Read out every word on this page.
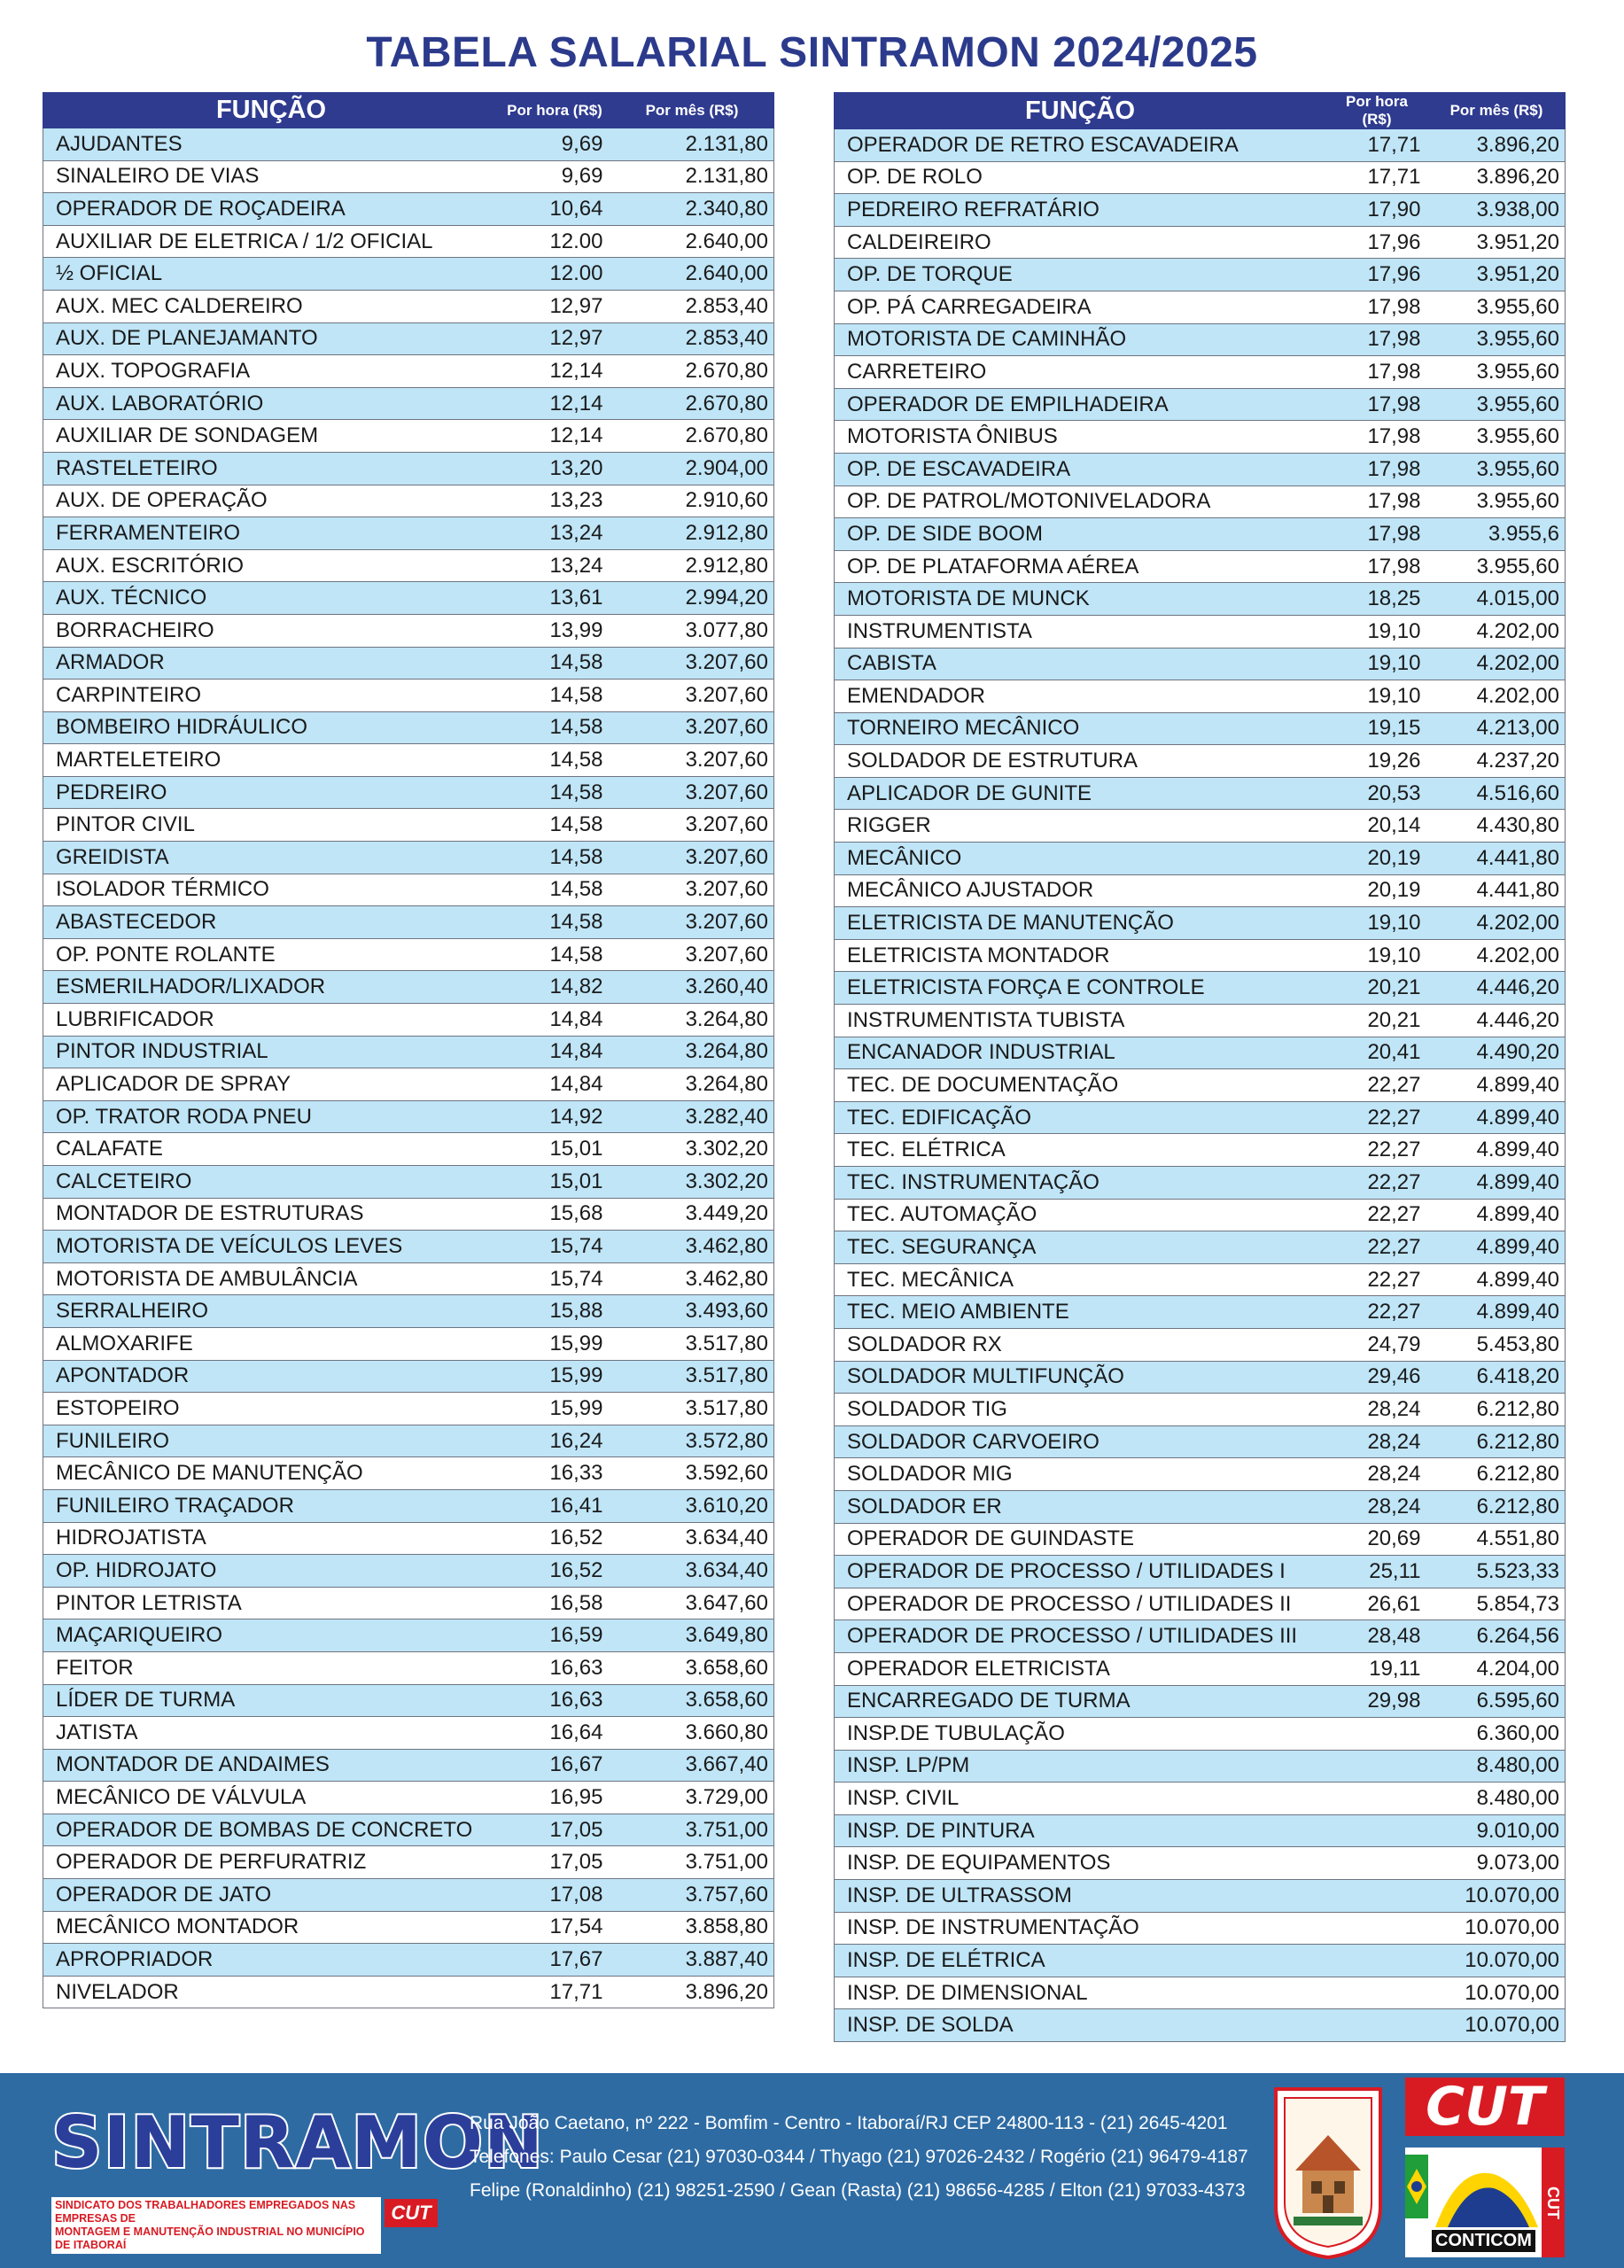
TABELA SALARIAL SINTRAMON 2024/2025
FUNÇÃO	Por hora (R$)	Por mês (R$)
AJUDANTES	9,69	2.131,80
SINALEIRO DE VIAS	9,69	2.131,80
OPERADOR DE ROÇADEIRA	10,64	2.340,80
AUXILIAR DE ELETRICA / 1/2 OFICIAL	12.00	2.640,00
½ OFICIAL	12.00	2.640,00
AUX. MEC CALDEREIRO	12,97	2.853,40
AUX. DE PLANEJAMANTO	12,97	2.853,40
AUX. TOPOGRAFIA	12,14	2.670,80
AUX. LABORATÓRIO	12,14	2.670,80
AUXILIAR DE SONDAGEM	12,14	2.670,80
RASTELETEIRO	13,20	2.904,00
AUX. DE OPERAÇÃO	13,23	2.910,60
FERRAMENTEIRO	13,24	2.912,80
AUX. ESCRITÓRIO	13,24	2.912,80
AUX. TÉCNICO	13,61	2.994,20
BORRACHEIRO	13,99	3.077,80
ARMADOR	14,58	3.207,60
CARPINTEIRO	14,58	3.207,60
BOMBEIRO HIDRÁULICO	14,58	3.207,60
MARTELETEIRO	14,58	3.207,60
PEDREIRO	14,58	3.207,60
PINTOR CIVIL	14,58	3.207,60
GREIDISTA	14,58	3.207,60
ISOLADOR TÉRMICO	14,58	3.207,60
ABASTECEDOR	14,58	3.207,60
OP. PONTE ROLANTE	14,58	3.207,60
ESMERILHADOR/LIXADOR	14,82	3.260,40
LUBRIFICADOR	14,84	3.264,80
PINTOR INDUSTRIAL	14,84	3.264,80
APLICADOR DE SPRAY	14,84	3.264,80
OP. TRATOR RODA PNEU	14,92	3.282,40
CALAFATE	15,01	3.302,20
CALCETEIRO	15,01	3.302,20
MONTADOR DE ESTRUTURAS	15,68	3.449,20
MOTORISTA DE VEÍCULOS LEVES	15,74	3.462,80
MOTORISTA DE AMBULÂNCIA	15,74	3.462,80
SERRALHEIRO	15,88	3.493,60
ALMOXARIFE	15,99	3.517,80
APONTADOR	15,99	3.517,80
ESTOPEIRO	15,99	3.517,80
FUNILEIRO	16,24	3.572,80
MECÂNICO DE MANUTENÇÃO	16,33	3.592,60
FUNILEIRO TRAÇADOR	16,41	3.610,20
HIDROJATISTA	16,52	3.634,40
OP. HIDROJATO	16,52	3.634,40
PINTOR LETRISTA	16,58	3.647,60
MAÇARIQUEIRO	16,59	3.649,80
FEITOR	16,63	3.658,60
LÍDER DE TURMA	16,63	3.658,60
JATISTA	16,64	3.660,80
MONTADOR DE ANDAIMES	16,67	3.667,40
MECÂNICO DE VÁLVULA	16,95	3.729,00
OPERADOR DE BOMBAS DE CONCRETO	17,05	3.751,00
OPERADOR DE PERFURATRIZ	17,05	3.751,00
OPERADOR DE JATO	17,08	3.757,60
MECÂNICO MONTADOR	17,54	3.858,80
APROPRIADOR	17,67	3.887,40
NIVELADOR	17,71	3.896,20
FUNÇÃO	Por hora (R$)	Por mês (R$)
OPERADOR DE RETRO ESCAVADEIRA	17,71	3.896,20
OP. DE ROLO	17,71	3.896,20
PEDREIRO REFRATÁRIO	17,90	3.938,00
CALDEIREIRO	17,96	3.951,20
OP. DE TORQUE	17,96	3.951,20
OP. PÁ CARREGADEIRA	17,98	3.955,60
MOTORISTA DE CAMINHÃO	17,98	3.955,60
CARRETEIRO	17,98	3.955,60
OPERADOR DE EMPILHADEIRA	17,98	3.955,60
MOTORISTA ÔNIBUS	17,98	3.955,60
OP. DE ESCAVADEIRA	17,98	3.955,60
OP. DE PATROL/MOTONIVELADORA	17,98	3.955,60
OP. DE SIDE BOOM	17,98	3.955,6
OP. DE PLATAFORMA AÉREA	17,98	3.955,60
MOTORISTA DE MUNCK	18,25	4.015,00
INSTRUMENTISTA	19,10	4.202,00
CABISTA	19,10	4.202,00
EMENDADOR	19,10	4.202,00
TORNEIRO MECÂNICO	19,15	4.213,00
SOLDADOR DE ESTRUTURA	19,26	4.237,20
APLICADOR DE GUNITE	20,53	4.516,60
RIGGER	20,14	4.430,80
MECÂNICO	20,19	4.441,80
MECÂNICO AJUSTADOR	20,19	4.441,80
ELETRICISTA DE MANUTENÇÃO	19,10	4.202,00
ELETRICISTA MONTADOR	19,10	4.202,00
ELETRICISTA FORÇA E CONTROLE	20,21	4.446,20
INSTRUMENTISTA TUBISTA	20,21	4.446,20
ENCANADOR INDUSTRIAL	20,41	4.490,20
TEC. DE DOCUMENTAÇÃO	22,27	4.899,40
TEC. EDIFICAÇÃO	22,27	4.899,40
TEC. ELÉTRICA	22,27	4.899,40
TEC. INSTRUMENTAÇÃO	22,27	4.899,40
TEC. AUTOMAÇÃO	22,27	4.899,40
TEC. SEGURANÇA	22,27	4.899,40
TEC. MECÂNICA	22,27	4.899,40
TEC. MEIO AMBIENTE	22,27	4.899,40
SOLDADOR RX	24,79	5.453,80
SOLDADOR MULTIFUNÇÃO	29,46	6.418,20
SOLDADOR TIG	28,24	6.212,80
SOLDADOR CARVOEIRO	28,24	6.212,80
SOLDADOR MIG	28,24	6.212,80
SOLDADOR ER	28,24	6.212,80
OPERADOR DE GUINDASTE	20,69	4.551,80
OPERADOR DE PROCESSO / UTILIDADES I	25,11	5.523,33
OPERADOR DE PROCESSO / UTILIDADES II	26,61	5.854,73
OPERADOR DE PROCESSO / UTILIDADES III	28,48	6.264,56
OPERADOR ELETRICISTA	19,11	4.204,00
ENCARREGADO DE TURMA	29,98	6.595,60
INSP.DE TUBULAÇÃO		6.360,00
INSP. LP/PM		8.480,00
INSP. CIVIL		8.480,00
INSP. DE PINTURA		9.010,00
INSP. DE EQUIPAMENTOS		9.073,00
INSP. DE ULTRASSOM		10.070,00
INSP. DE INSTRUMENTAÇÃO		10.070,00
INSP. DE ELÉTRICA		10.070,00
INSP. DE DIMENSIONAL		10.070,00
INSP. DE SOLDA		10.070,00
SINTRAMON
SINDICATO DOS TRABALHADORES EMPREGADOS NAS EMPRESAS DE
MONTAGEM E MANUTENÇÃO INDUSTRIAL NO MUNICÍPIO DE ITABORAÍ
CUT
Rua João Caetano, nº 222 - Bomfim - Centro - Itaboraí/RJ CEP 24800-113 - (21) 2645-4201
Telefones: Paulo Cesar (21) 97030-0344 / Thyago (21) 97026-2432 / Rogério (21) 96479-4187
Felipe (Ronaldinho) (21) 98251-2590 / Gean (Rasta) (21) 98656-4285 / Elton (21) 97033-4373
CUT
CONTICOM
CUT
